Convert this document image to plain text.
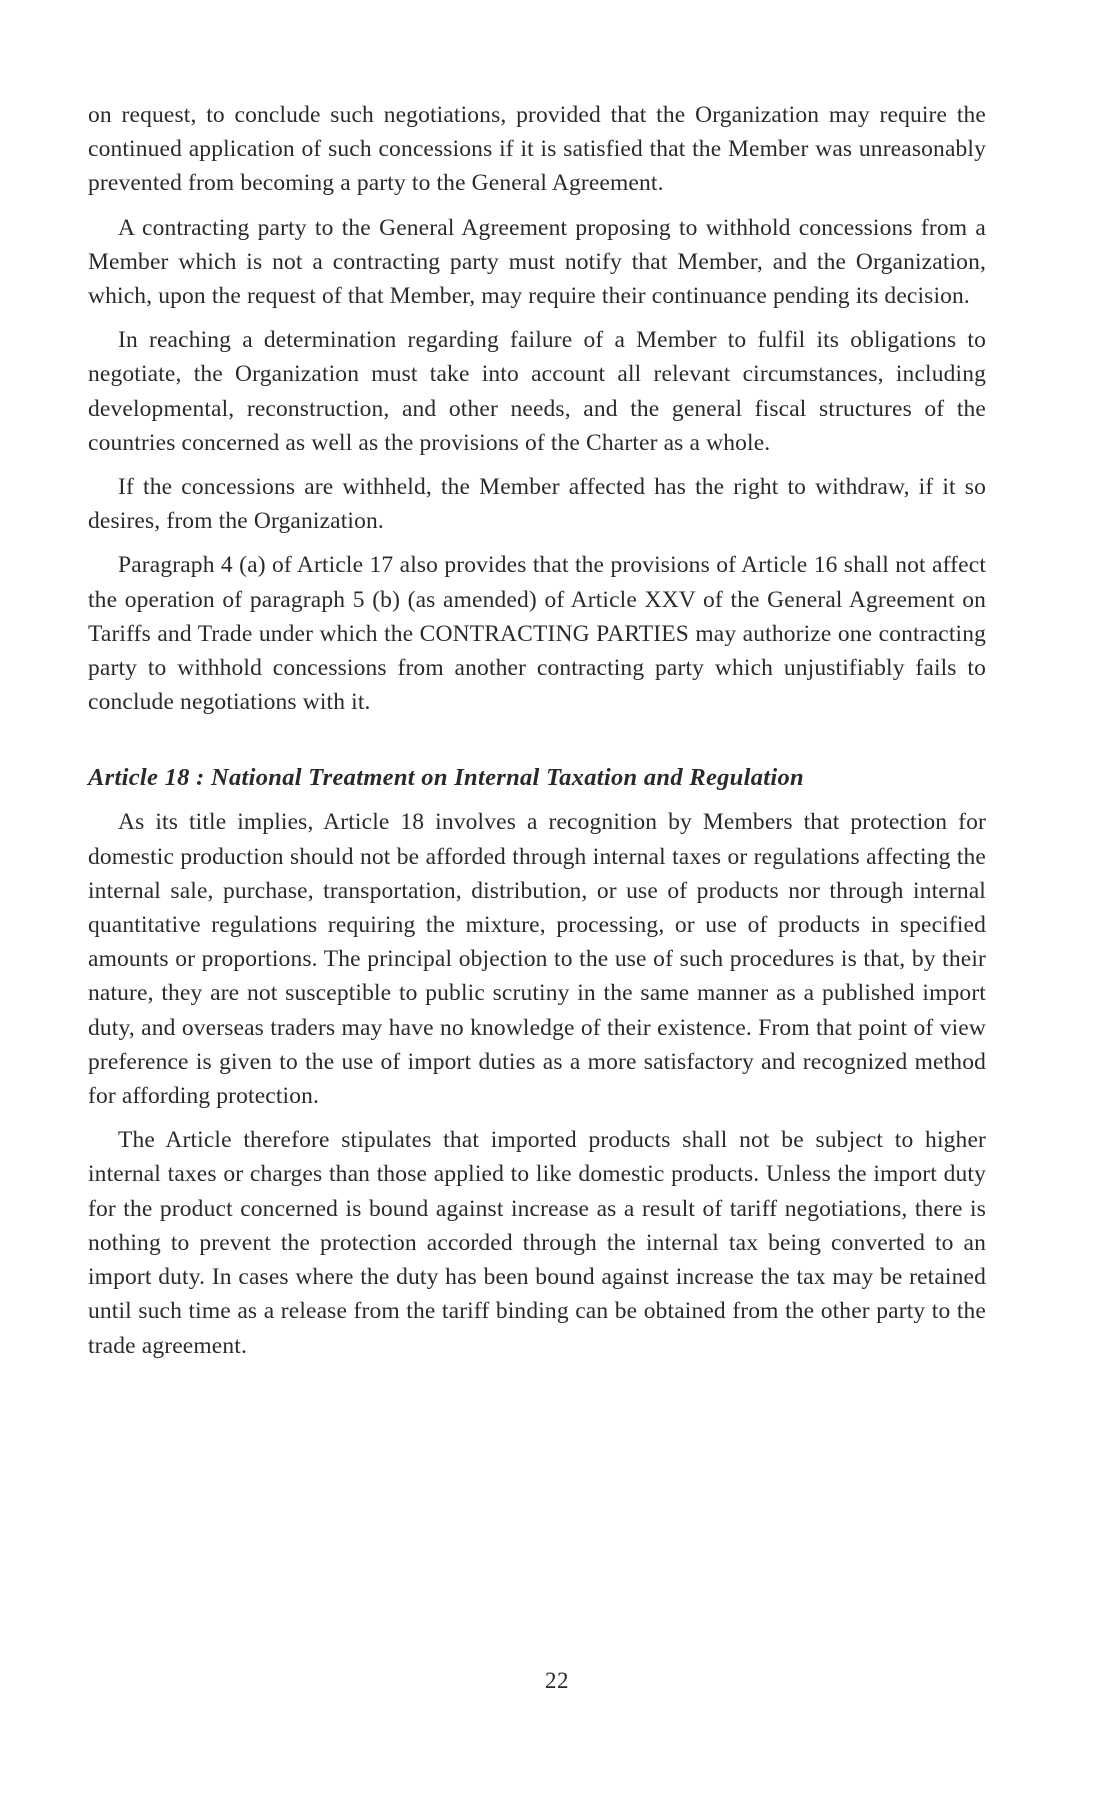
on request, to conclude such negotiations, provided that the Organization may require the continued application of such concessions if it is satisfied that the Member was unreasonably prevented from becoming a party to the General Agreement.

A contracting party to the General Agreement proposing to withhold concessions from a Member which is not a contracting party must notify that Member, and the Organization, which, upon the request of that Member, may require their continuance pending its decision.

In reaching a determination regarding failure of a Member to fulfil its obligations to negotiate, the Organization must take into account all relevant circumstances, including developmental, reconstruction, and other needs, and the general fiscal structures of the countries concerned as well as the provisions of the Charter as a whole.

If the concessions are withheld, the Member affected has the right to withdraw, if it so desires, from the Organization.

Paragraph 4 (a) of Article 17 also provides that the provisions of Article 16 shall not affect the operation of paragraph 5 (b) (as amended) of Article XXV of the General Agreement on Tariffs and Trade under which the CONTRACTING PARTIES may authorize one contracting party to withhold concessions from another contracting party which unjustifiably fails to conclude negotiations with it.

Article 18 : National Treatment on Internal Taxation and Regulation

As its title implies, Article 18 involves a recognition by Members that protection for domestic production should not be afforded through internal taxes or regulations affecting the internal sale, purchase, transportation, distribution, or use of products nor through internal quantitative regulations requiring the mixture, processing, or use of products in specified amounts or proportions. The principal objection to the use of such procedures is that, by their nature, they are not susceptible to public scrutiny in the same manner as a published import duty, and overseas traders may have no knowledge of their existence. From that point of view preference is given to the use of import duties as a more satisfactory and recognized method for affording protection.

The Article therefore stipulates that imported products shall not be subject to higher internal taxes or charges than those applied to like domestic products. Unless the import duty for the product concerned is bound against increase as a result of tariff negotiations, there is nothing to prevent the protection accorded through the internal tax being converted to an import duty. In cases where the duty has been bound against increase the tax may be retained until such time as a release from the tariff binding can be obtained from the other party to the trade agreement.

22
